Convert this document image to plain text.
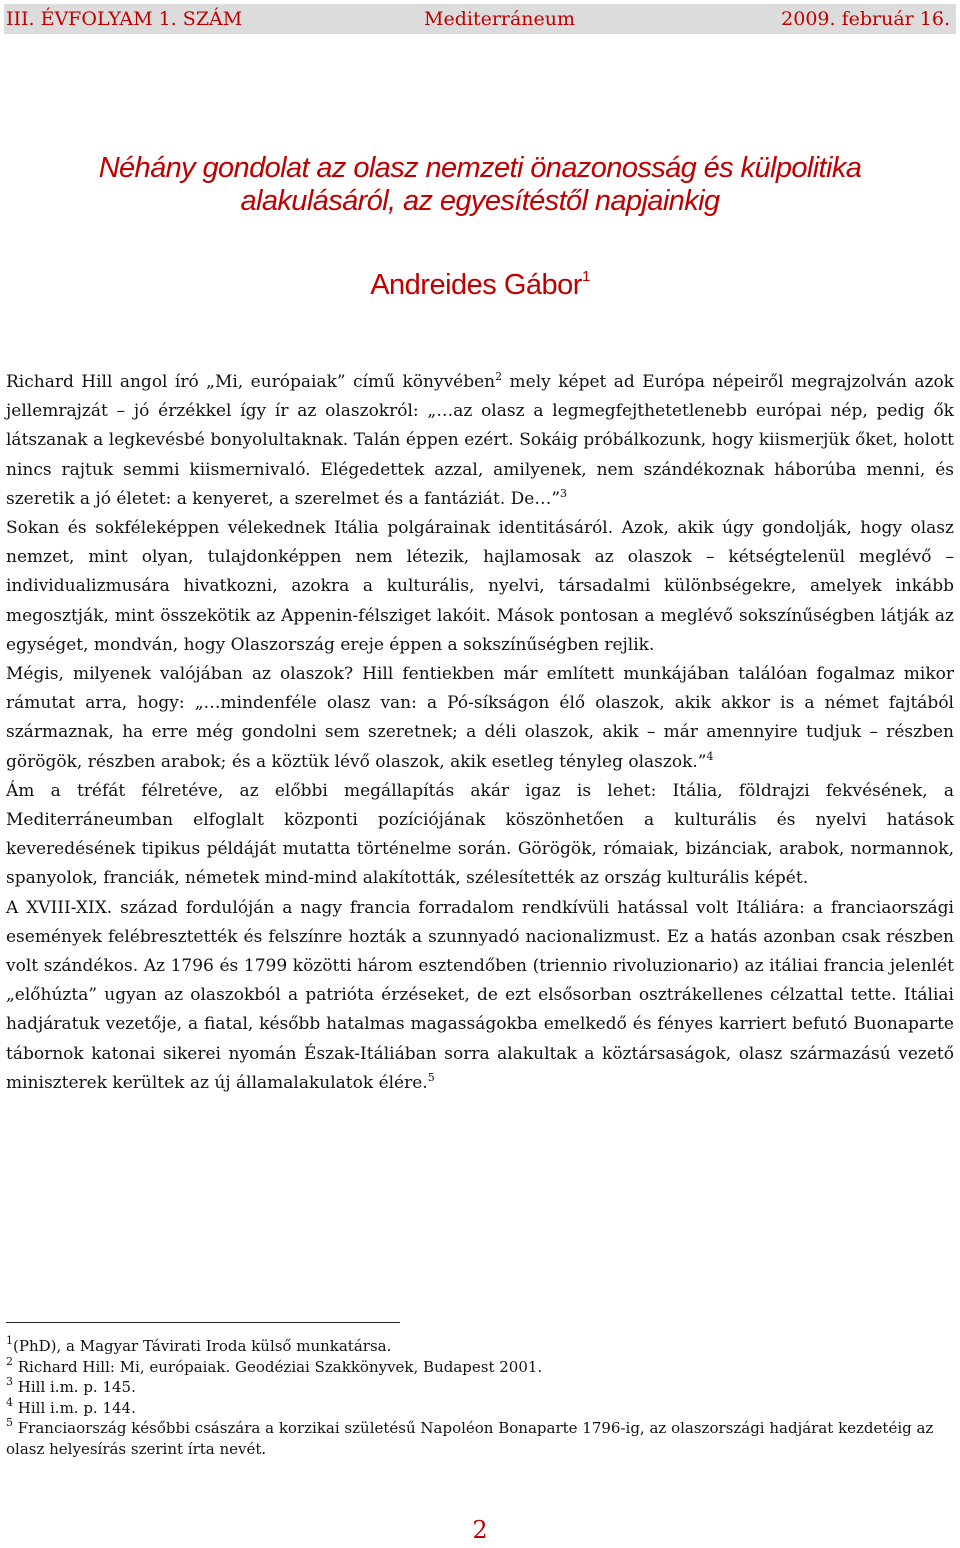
III. ÉVFOLYAM 1. SZÁM	Mediterráneum	2009. február 16.
Néhány gondolat az olasz nemzeti önazonosság és külpolitika
alakulásáról, az egyesítéstől napjainkig
Andreides Gábor$^1$

Richard Hill angol író „Mi, európaiak” című könyvében$^2$ mely képet ad Európa népeiről megrajzolván azok jellemrajzát – jó érzékkel így ír az olaszokról: „…az olasz a legmegfejthetetlenebb európai nép, pedig ők látszanak a legkevésbé bonyolultaknak. Talán éppen ezért. Sokáig próbálkozunk, hogy kiismerjük őket, holott nincs rajtuk semmi kiismernivaló. Elégedettek azzal, amilyenek, nem szándékoznak háborúba menni, és szeretik a jó életet: a kenyeret, a szerelmet és a fantáziát. De…”$^3$

Sokan és sokféleképpen vélekednek Itália polgárainak identitásáról. Azok, akik úgy gondolják, hogy olasz nemzet, mint olyan, tulajdonképpen nem létezik, hajlamosak az olaszok – kétségtelenül meglévő – individualizmusára hivatkozni, azokra a kulturális, nyelvi, társadalmi különbségekre, amelyek inkább megosztják, mint összekötik az Appenin-félsziget lakóit. Mások pontosan a meglévő sokszínűségben látják az egységet, mondván, hogy Olaszország ereje éppen a sokszínűségben rejlik.

Mégis, milyenek valójában az olaszok? Hill fentiekben már említett munkájában találóan fogalmaz mikor rámutat arra, hogy: „…mindenféle olasz van: a Pó-síkságon élő olaszok, akik akkor is a német fajtából származnak, ha erre még gondolni sem szeretnek; a déli olaszok, akik – már amennyire tudjuk – részben görögök, részben arabok; és a köztük lévő olaszok, akik esetleg tényleg olaszok.”$^4$

Ám a tréfát félretéve, az előbbi megállapítás akár igaz is lehet: Itália, földrajzi fekvésének, a Mediterráneumban elfoglalt központi pozíciójának köszönhetően a kulturális és nyelvi hatások keveredésének tipikus példáját mutatta történelme során. Görögök, rómaiak, bizánciak, arabok, normannok, spanyolok, franciák, németek mind-mind alakították, szélesítették az ország kulturális képét.

A XVIII-XIX. század fordulóján a nagy francia forradalom rendkívüli hatással volt Itáliára: a franciaországi események felébresztették és felszínre hozták a szunnyadó nacionalizmust. Ez a hatás azonban csak részben volt szándékos. Az 1796 és 1799 közötti három esztendőben (triennio rivoluzionario) az itáliai francia jelenlét „előhúzta” ugyan az olaszokból a patrióta érzéseket, de ezt elsősorban osztrákellenes célzattal tette. Itáliai hadjáratuk vezetője, a fiatal, később hatalmas magasságokba emelkedő és fényes karriert befutó Buonaparte tábornok katonai sikerei nyomán Észak-Itáliában sorra alakultak a köztársaságok, olasz származású vezető miniszterek kerültek az új államalakulatok élére.$^5$

$^1$(PhD), a Magyar Távirati Iroda külső munkatársa.

$^2$ Richard Hill: Mi, európaiak. Geodéziai Szakkönyvek, Budapest 2001.

$^3$ Hill i.m. p. 145.

$^4$ Hill i.m. p. 144.

$^5$ Franciaország későbbi császára a korzikai születésű Napoléon Bonaparte 1796-ig, az olaszországi hadjárat kezdetéig az olasz helyesírás szerint írta nevét.

2
